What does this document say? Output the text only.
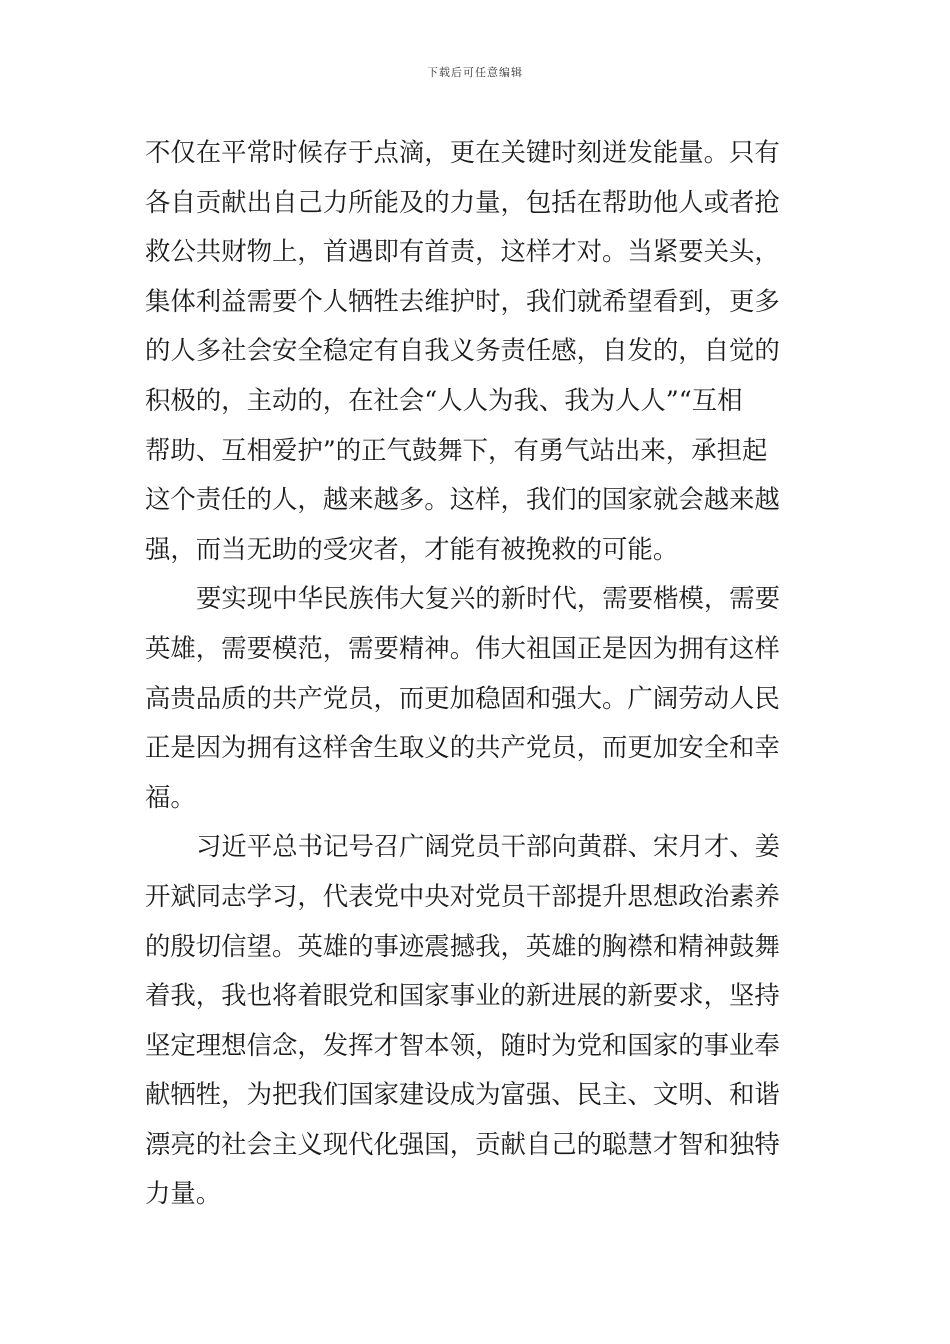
下载后可任意编辑
不仅在平常时候存于点滴，更在关键时刻迸发能量。只有
各自贡献出自己力所能及的力量，包括在帮助他人或者抢
救公共财物上，首遇即有首责，这样才对。当紧要关头，
集体利益需要个人牺牲去维护时，我们就希望看到，更多
的人多社会安全稳定有自我义务责任感，自发的，自觉的
积极的，主动的，在社会“人人为我、我为人人”“互相
帮助、互相爱护”的正气鼓舞下，有勇气站出来，承担起
这个责任的人，越来越多。这样，我们的国家就会越来越
强，而当无助的受灾者，才能有被挽救的可能。
要实现中华民族伟大复兴的新时代，需要楷模，需要
英雄，需要模范，需要精神。伟大祖国正是因为拥有这样
高贵品质的共产党员，而更加稳固和强大。广阔劳动人民
正是因为拥有这样舍生取义的共产党员，而更加安全和幸
福。
习近平总书记号召广阔党员干部向黄群、宋月才、姜
开斌同志学习，代表党中央对党员干部提升思想政治素养
的殷切信望。英雄的事迹震撼我，英雄的胸襟和精神鼓舞
着我，我也将着眼党和国家事业的新进展的新要求，坚持
坚定理想信念，发挥才智本领，随时为党和国家的事业奉
献牺牲，为把我们国家建设成为富强、民主、文明、和谐
漂亮的社会主义现代化强国，贡献自己的聪慧才智和独特
力量。
